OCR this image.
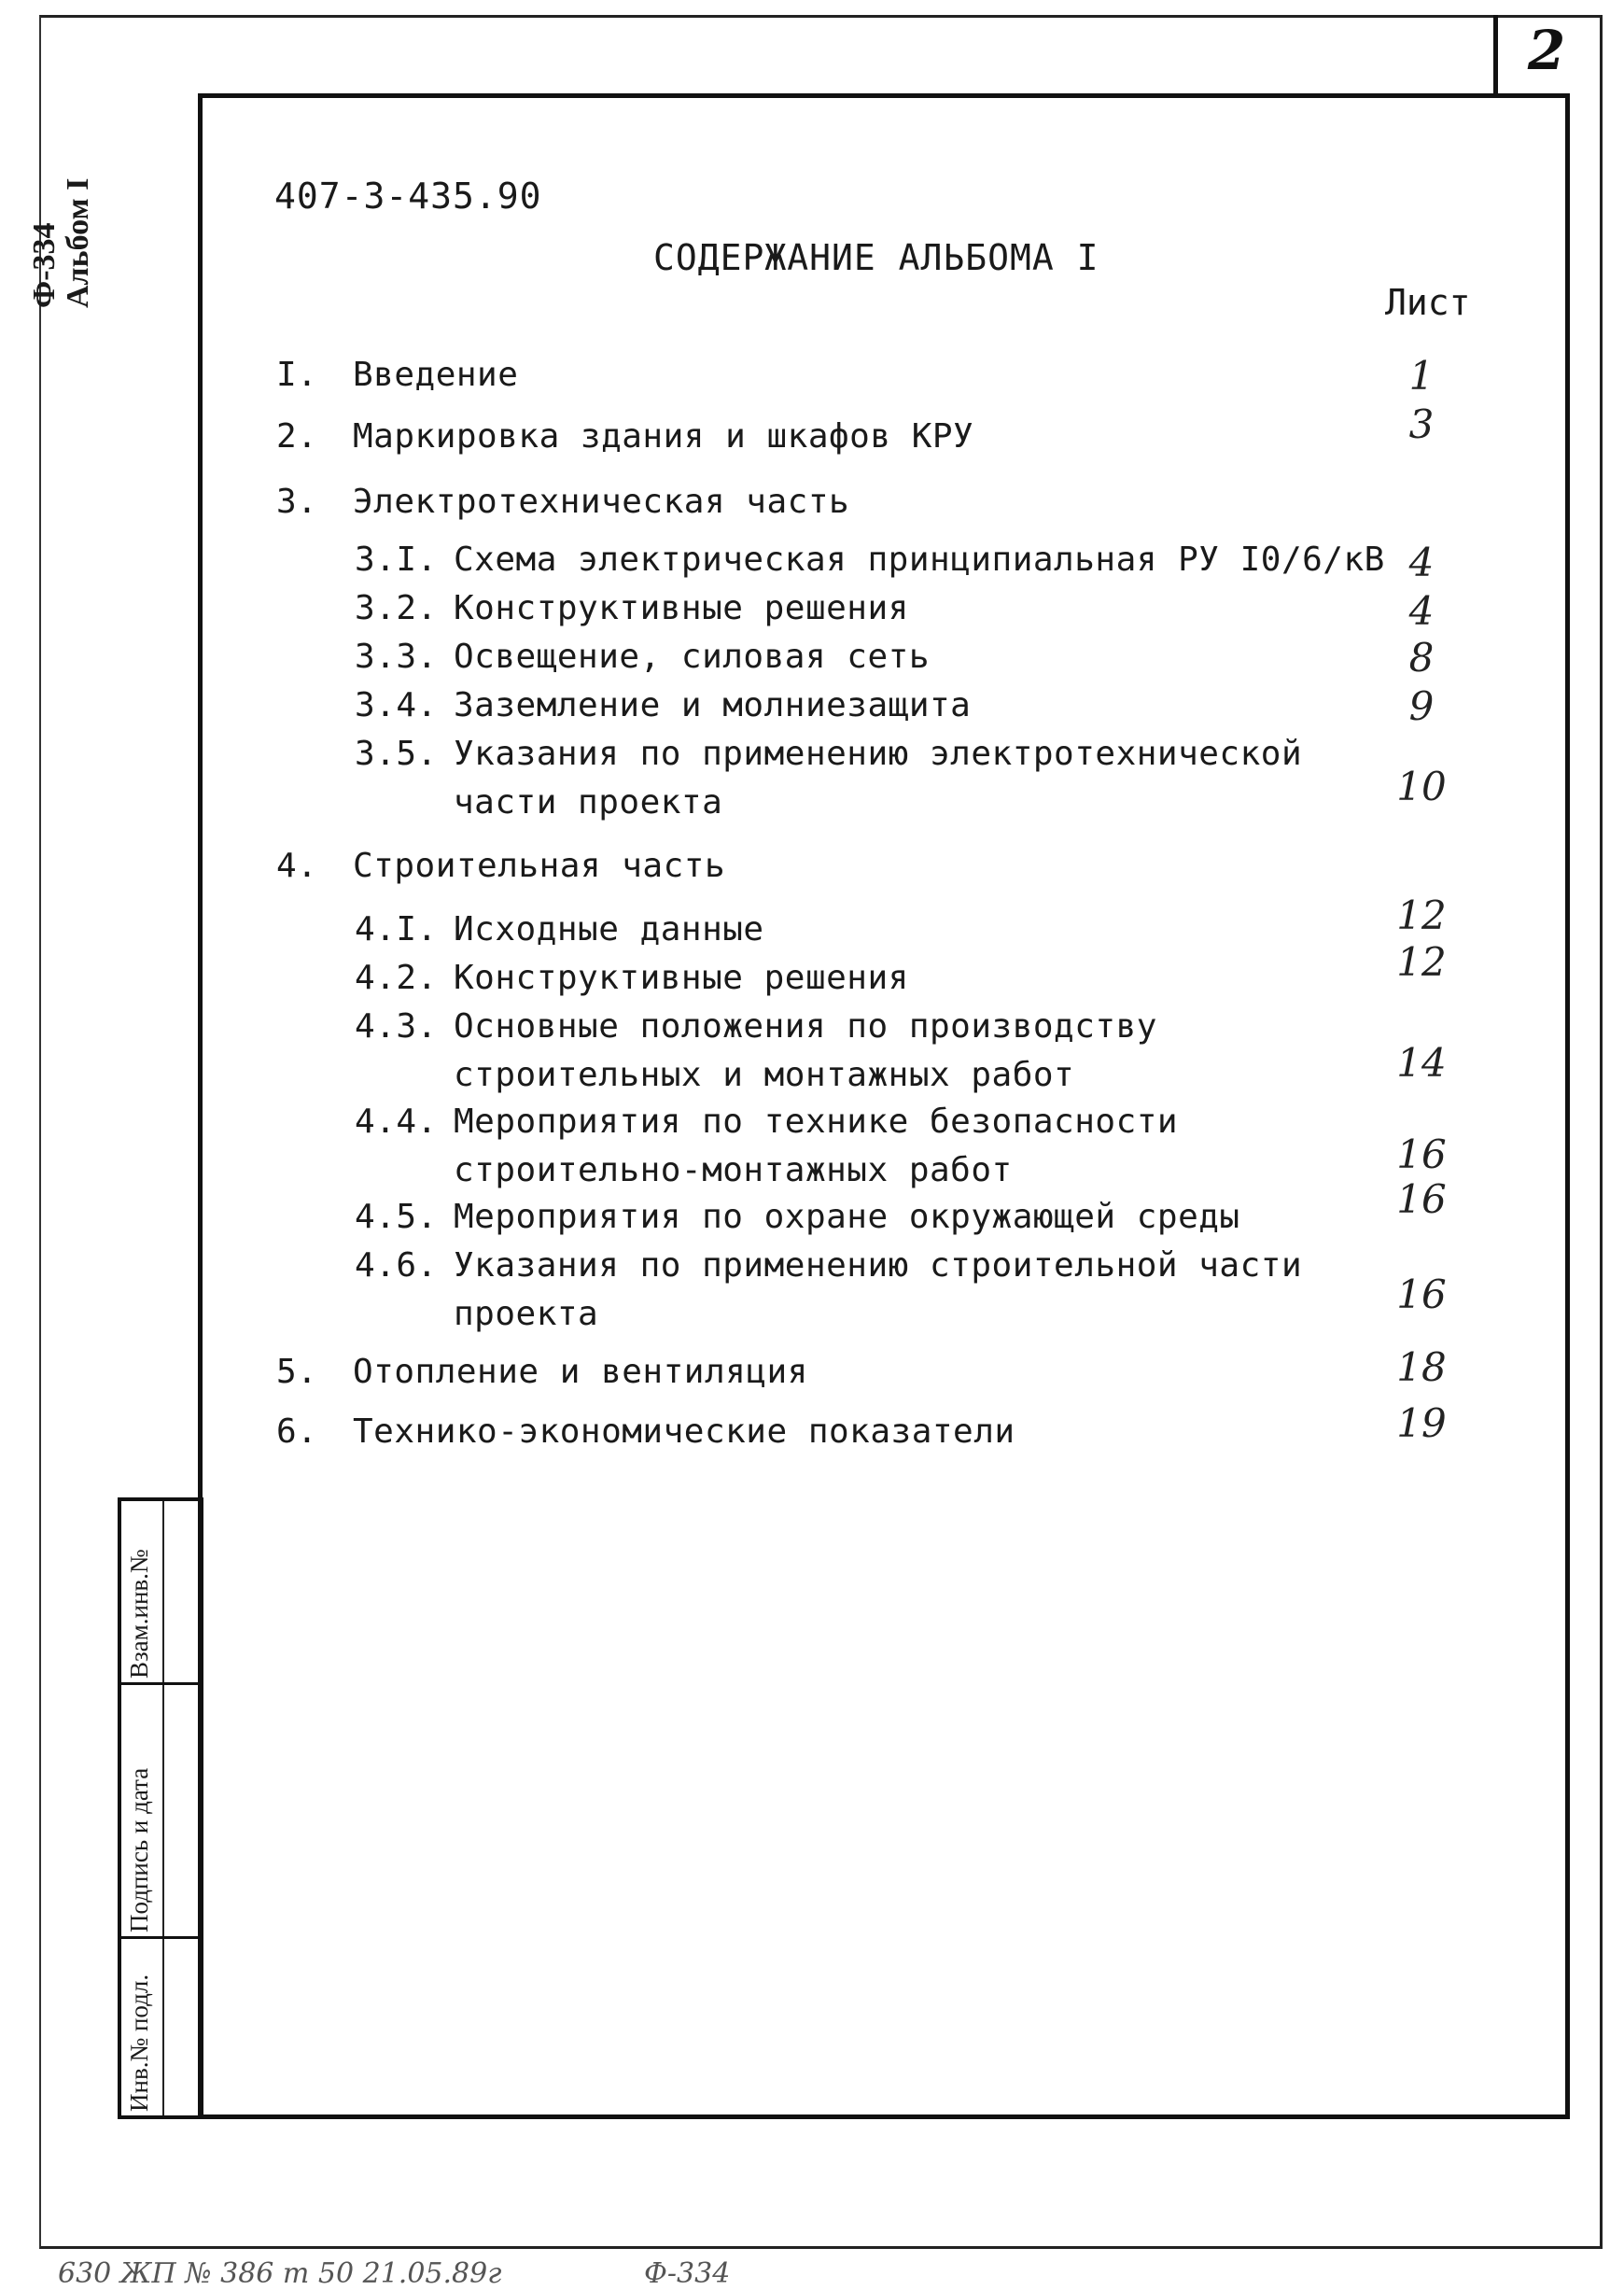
2
Ф-334 Альбом I
Взам.инв.№
Подпись и дата
Инв.№ подл.
407-3-435.90
СОДЕРЖАНИЕ АЛЬБОМА I
Лист
I. Введение	1
2. Маркировка здания и шкафов КРУ	3
3. Электротехническая часть
3.I. Схема электрическая принципиальная РУ I0/6/кВ 4
3.2. Конструктивные решения	4
3.3. Освещение, силовая сеть	8
3.4. Заземление и молниезащита	9
3.5. Указания по применению электротехнической
части проекта	10
4. Строительная часть
4.I. Исходные данные	12
4.2. Конструктивные решения	12
4.3. Основные положения по производству
строительных и монтажных работ	14
4.4. Мероприятия по технике безопасности
строительно-монтажных работ	16
4.5. Мероприятия по охране окружающей среды	16
4.6. Указания по применению строительной части
проекта	16
5. Отопление и вентиляция	18
6. Технико-экономические показатели	19
630 ЖП № 386 т 50 21.05.89г	Ф-334
